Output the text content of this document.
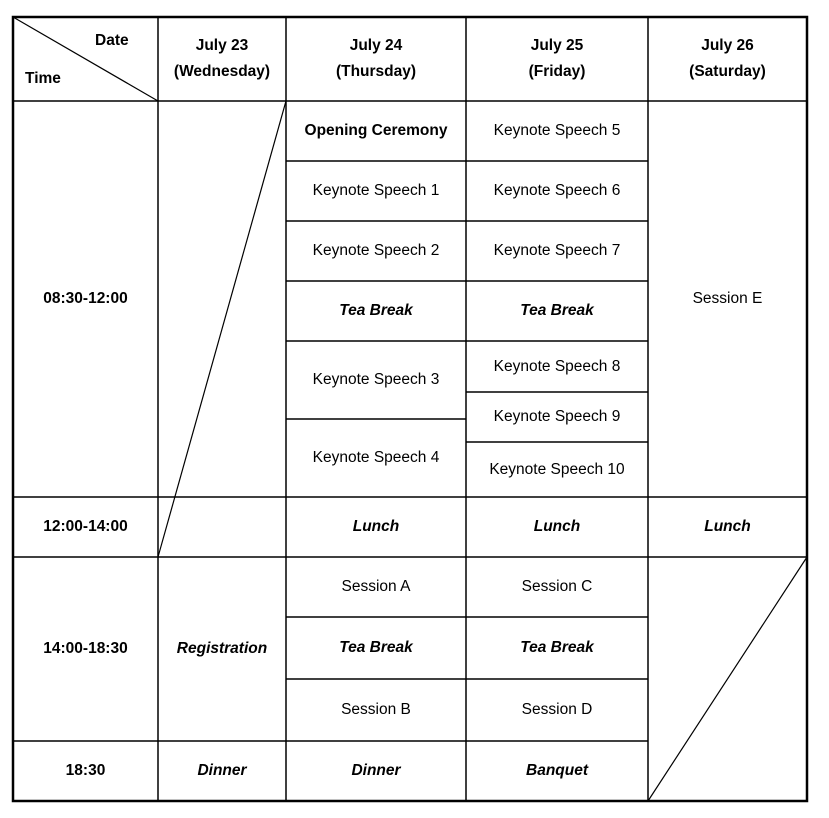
Date
Time
July 23
(Wednesday)
July 24
(Thursday)
July 25
(Friday)
July 26
(Saturday)
08:30-12:00
12:00-14:00
14:00-18:30
18:30
Registration
Dinner
Opening Ceremony
Keynote Speech 1
Keynote Speech 2
Tea Break
Keynote Speech 3
Keynote Speech 4
Lunch
Session A
Tea Break
Session B
Dinner
Keynote Speech 5
Keynote Speech 6
Keynote Speech 7
Tea Break
Keynote Speech 8
Keynote Speech 9
Keynote Speech 10
Lunch
Session C
Tea Break
Session D
Banquet
Session E
Lunch
